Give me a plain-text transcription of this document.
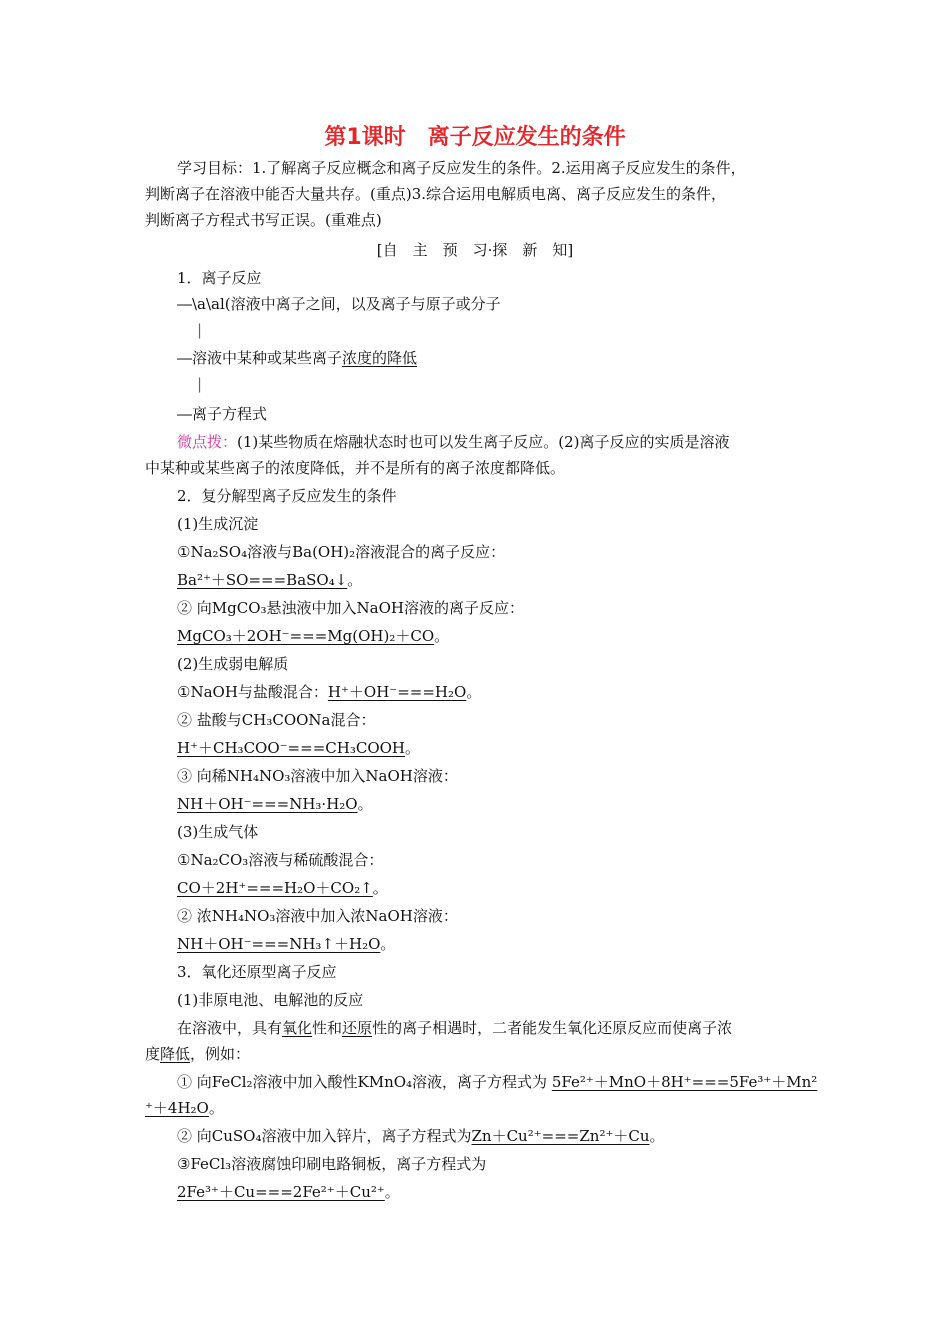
第1课时　离子反应发生的条件
学习目标：1.了解离子反应概念和离子反应发生的条件。2.运用离子反应发生的条件，
判断离子在溶液中能否大量共存。(重点)3.综合运用电解质电离、离子反应发生的条件，
判断离子方程式书写正误。(重难点)
[自　主　预　习·探　新　知]
1．离子反应
―\a\al(溶液中离子之间，以及离子与原子或分子
|
―溶液中某种或某些离子浓度的降低
|
―离子方程式
微点拨：(1)某些物质在熔融状态时也可以发生离子反应。(2)离子反应的实质是溶液
中某种或某些离子的浓度降低，并不是所有的离子浓度都降低。
2．复分解型离子反应发生的条件
(1)生成沉淀
①Na₂SO₄溶液与Ba(OH)₂溶液混合的离子反应：
Ba²⁺＋SO===BaSO₄↓。
② 向MgCO₃悬浊液中加入NaOH溶液的离子反应：
MgCO₃＋2OH⁻===Mg(OH)₂＋CO。
(2)生成弱电解质
①NaOH与盐酸混合：H⁺＋OH⁻===H₂O。
② 盐酸与CH₃COONa混合：
H⁺＋CH₃COO⁻===CH₃COOH。
③ 向稀NH₄NO₃溶液中加入NaOH溶液：
NH＋OH⁻===NH₃·H₂O。
(3)生成气体
①Na₂CO₃溶液与稀硫酸混合：
CO＋2H⁺===H₂O＋CO₂↑。
② 浓NH₄NO₃溶液中加入浓NaOH溶液：
NH＋OH⁻===NH₃↑＋H₂O。
3．氧化还原型离子反应
(1)非原电池、电解池的反应
在溶液中，具有氧化性和还原性的离子相遇时，二者能发生氧化还原反应而使离子浓
度降低，例如：
① 向FeCl₂溶液中加入酸性KMnO₄溶液，离子方程式为 5Fe²⁺＋MnO＋8H⁺===5Fe³⁺＋Mn²
⁺＋4H₂O。
② 向CuSO₄溶液中加入锌片，离子方程式为Zn＋Cu²⁺===Zn²⁺＋Cu。
③FeCl₃溶液腐蚀印刷电路铜板，离子方程式为
2Fe³⁺＋Cu===2Fe²⁺＋Cu²⁺。
